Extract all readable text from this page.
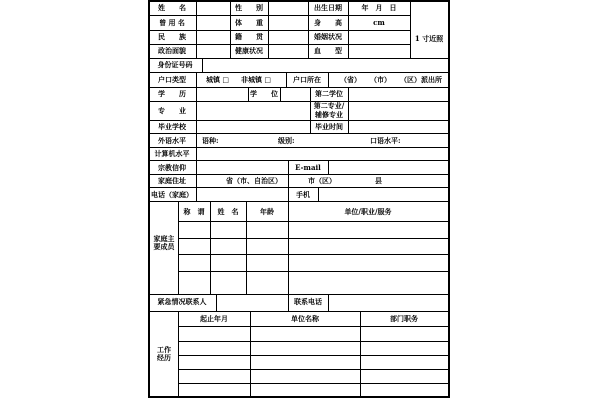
姓　　名	性　　别	出生日期	年　月　日
曾 用 名	体　　重	身　　高	cm
民　　族	籍　　贯	婚姻状况
政治面貌	健康状况	血　　型
1 寸近照
身份证号码
户口类型	城镇 □ 非城镇 □	户口所在	（省） （市） （区）派出所
学　　历	学　　位	第二学位
专　　业
第二专业/
辅修专业
毕业学校	毕业时间
外语水平 语种:	级别:	口语水平:
计算机水平
宗教信仰	E-mail
家庭住址	省（市、自治区）	市（区）	县
电话（家庭）	手机
家庭主要成员
称　谓 姓　名	年龄	单位/职业/服务
紧急情况联系人	联系电话
工作经历
起止年月	单位名称	部门职务
